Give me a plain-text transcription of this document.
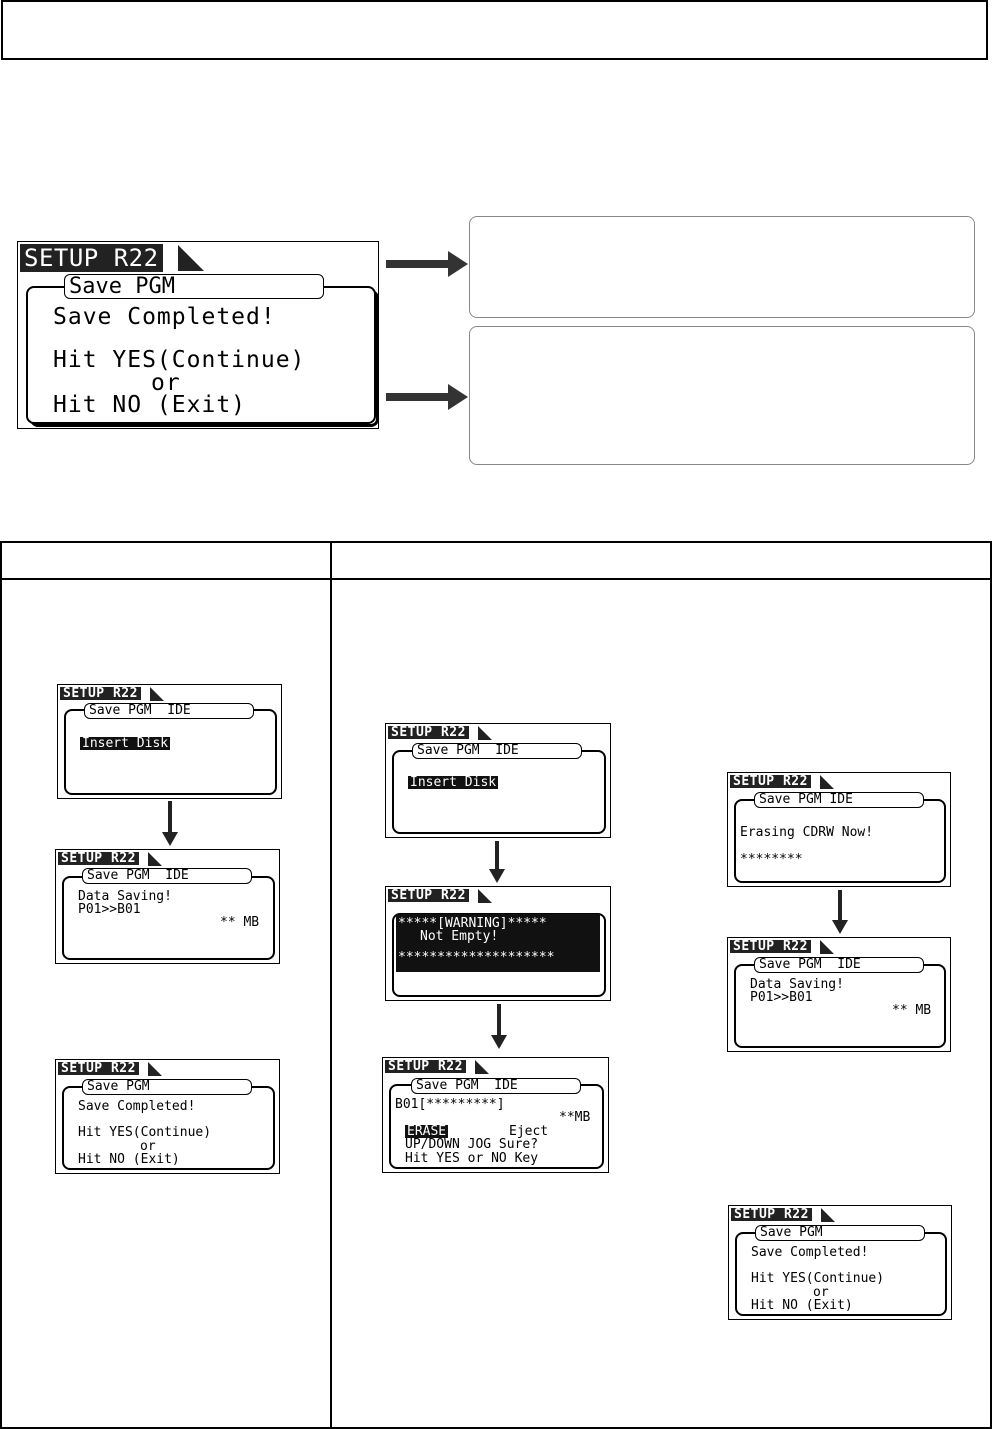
SETUP R22
Save PGM
Save Completed!
Hit YES(Continue)
or
Hit NO (Exit)
SETUP R22
Save PGM  IDE
Insert Disk
SETUP R22
Save PGM  IDE
Data Saving!
P01>>B01
** MB
SETUP R22
Save PGM
Save Completed!
Hit YES(Continue)
or
Hit NO (Exit)
SETUP R22
Save PGM  IDE
Insert Disk
SETUP R22
*****[WARNING]*****
Not Empty!
********************
SETUP R22
Save PGM  IDE
B01[*********]
**MB
ERASE	Eject
UP/DOWN JOG Sure?
Hit YES or NO Key
SETUP R22
Save PGM IDE
Erasing CDRW Now!
********
SETUP R22
Save PGM  IDE
Data Saving!
P01>>B01
** MB
SETUP R22
Save PGM
Save Completed!
Hit YES(Continue)
or
Hit NO (Exit)
